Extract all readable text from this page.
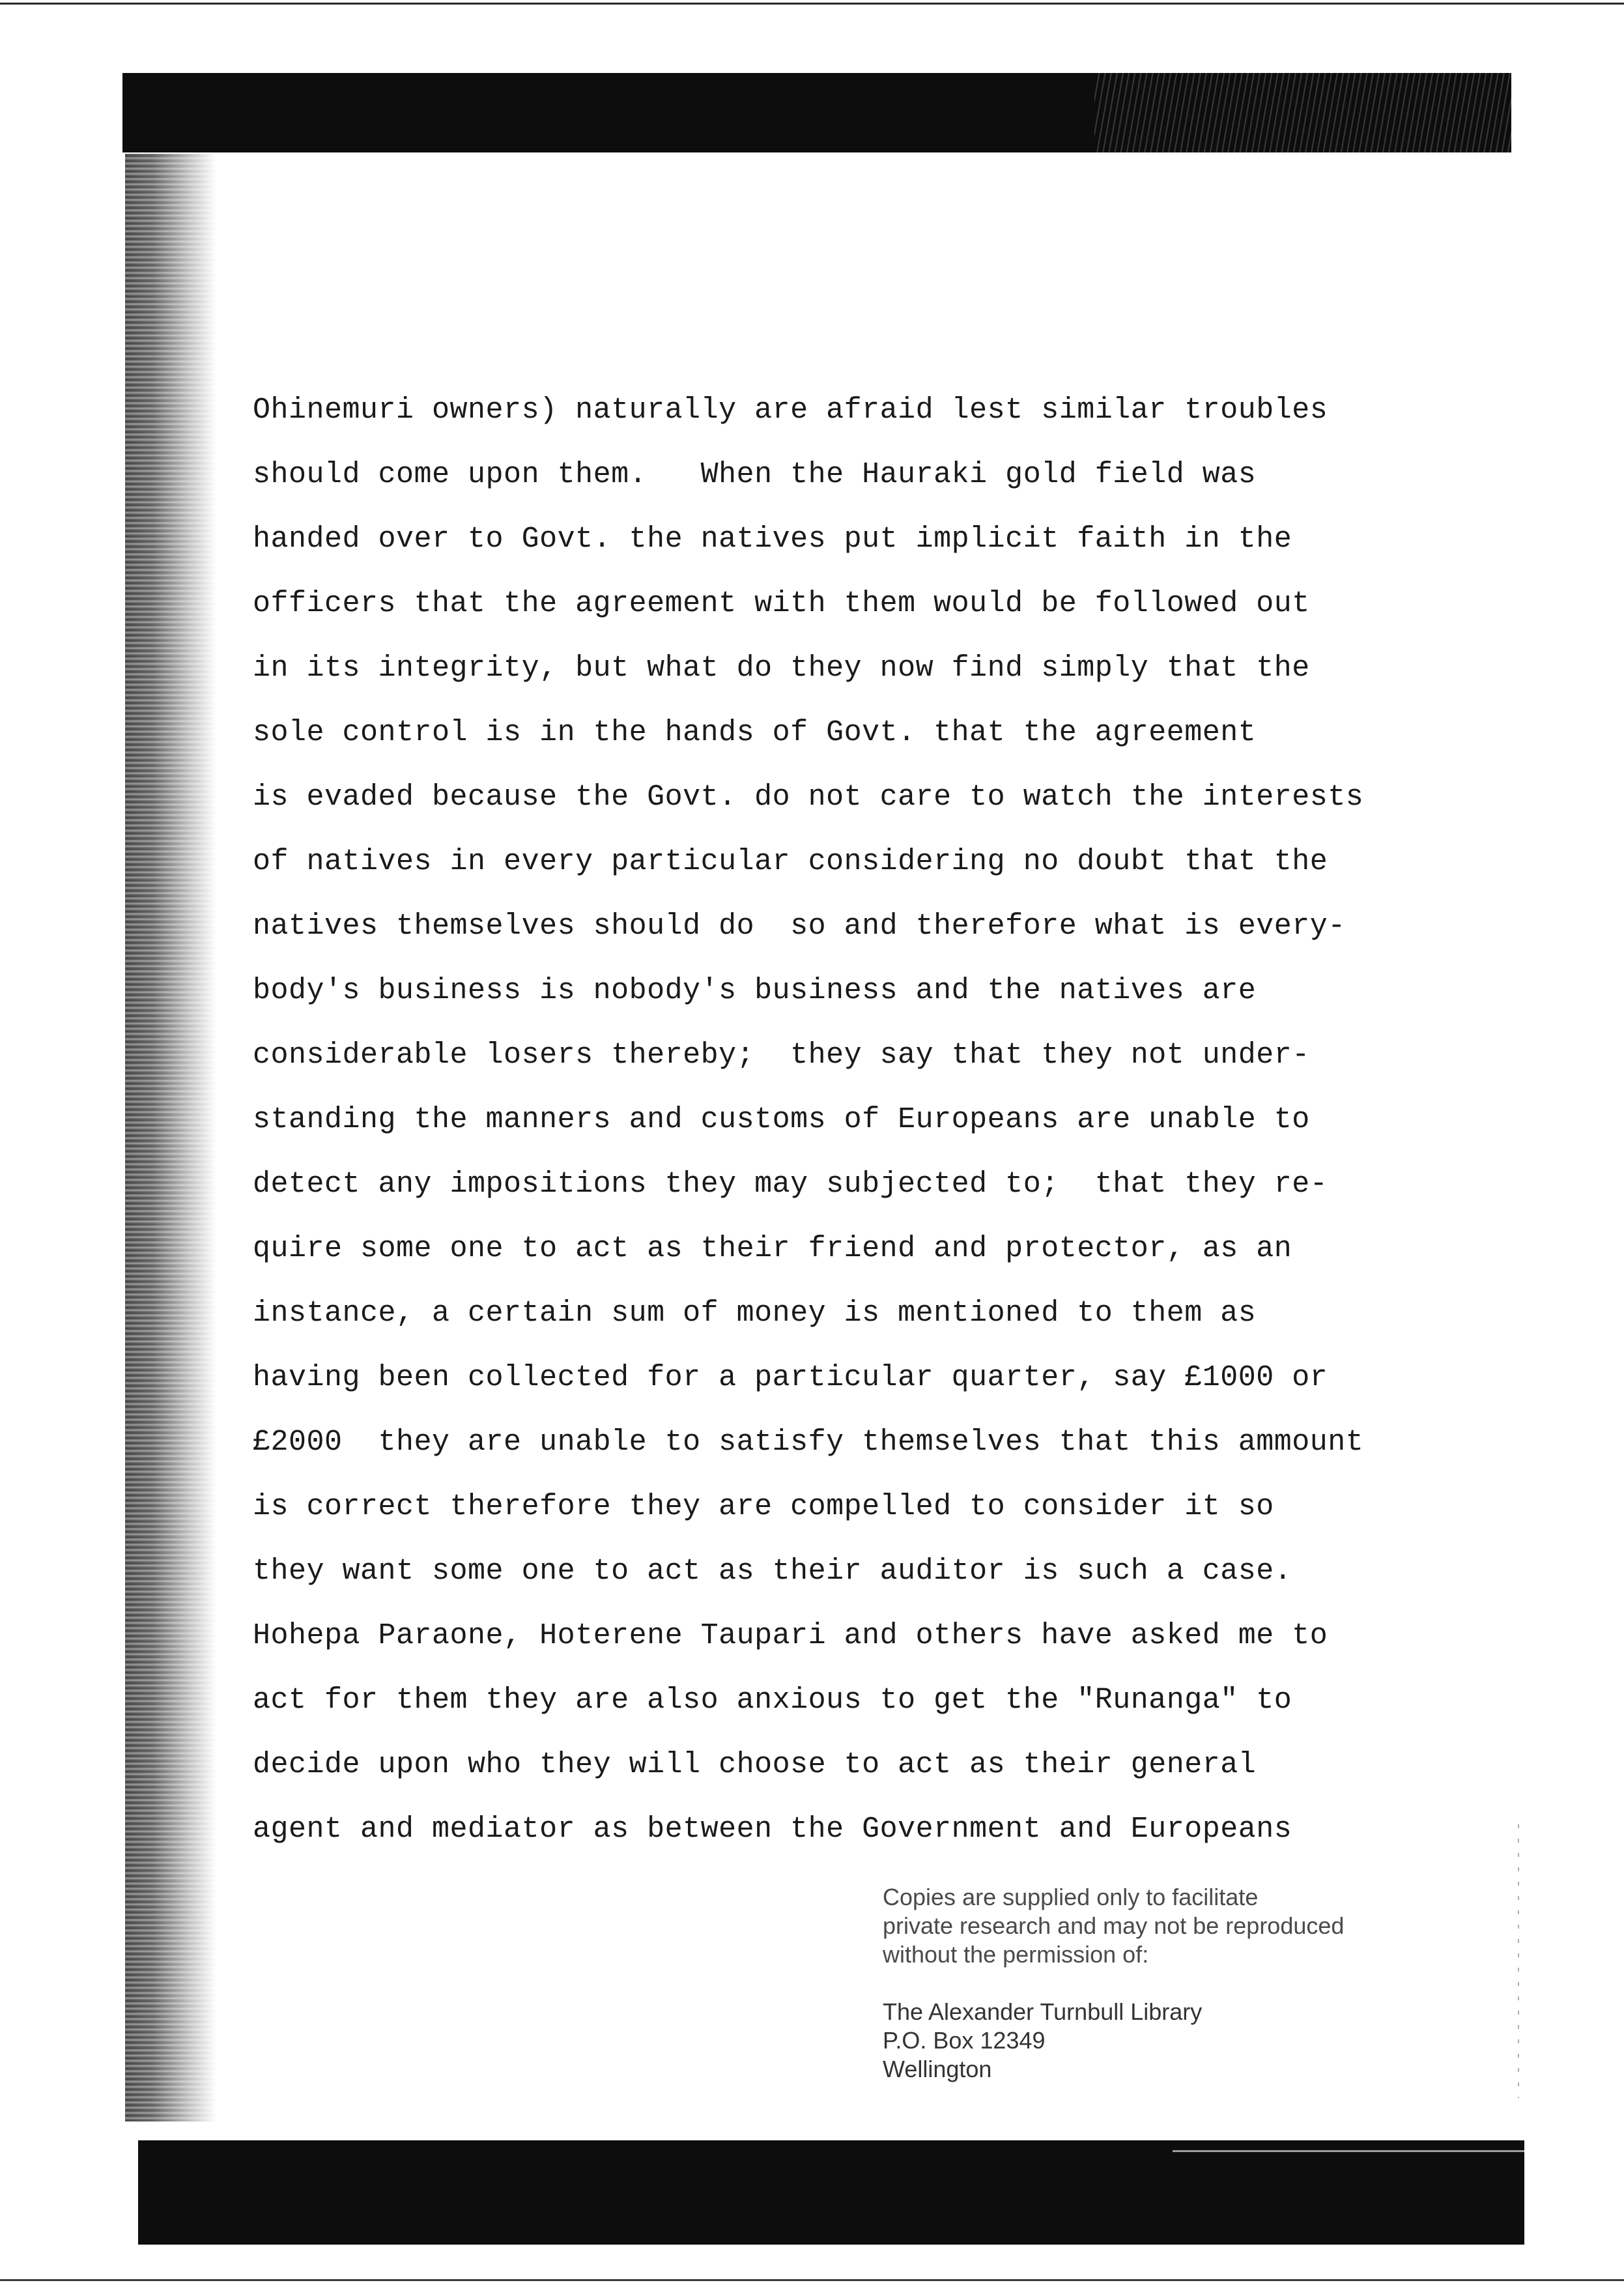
Ohinemuri owners) naturally are afraid lest similar troubles
should come upon them.   When the Hauraki gold field was
handed over to Govt. the natives put implicit faith in the
officers that the agreement with them would be followed out
in its integrity, but what do they now find simply that the
sole control is in the hands of Govt. that the agreement
is evaded because the Govt. do not care to watch the interests
of natives in every particular considering no doubt that the
natives themselves should do  so and therefore what is every-
body's business is nobody's business and the natives are
considerable losers thereby;  they say that they not under-
standing the manners and customs of Europeans are unable to
detect any impositions they may subjected to;  that they re-
quire some one to act as their friend and protector, as an
instance, a certain sum of money is mentioned to them as
having been collected for a particular quarter, say £1000 or
£2000  they are unable to satisfy themselves that this ammount
is correct therefore they are compelled to consider it so
they want some one to act as their auditor is such a case.
Hohepa Paraone, Hoterene Taupari and others have asked me to
act for them they are also anxious to get the "Runanga" to
decide upon who they will choose to act as their general
agent and mediator as between the Government and Europeans
Copies are supplied only to facilitate
private research and may not be reproduced
without the permission of:
The Alexander Turnbull Library
P.O. Box 12349
Wellington
